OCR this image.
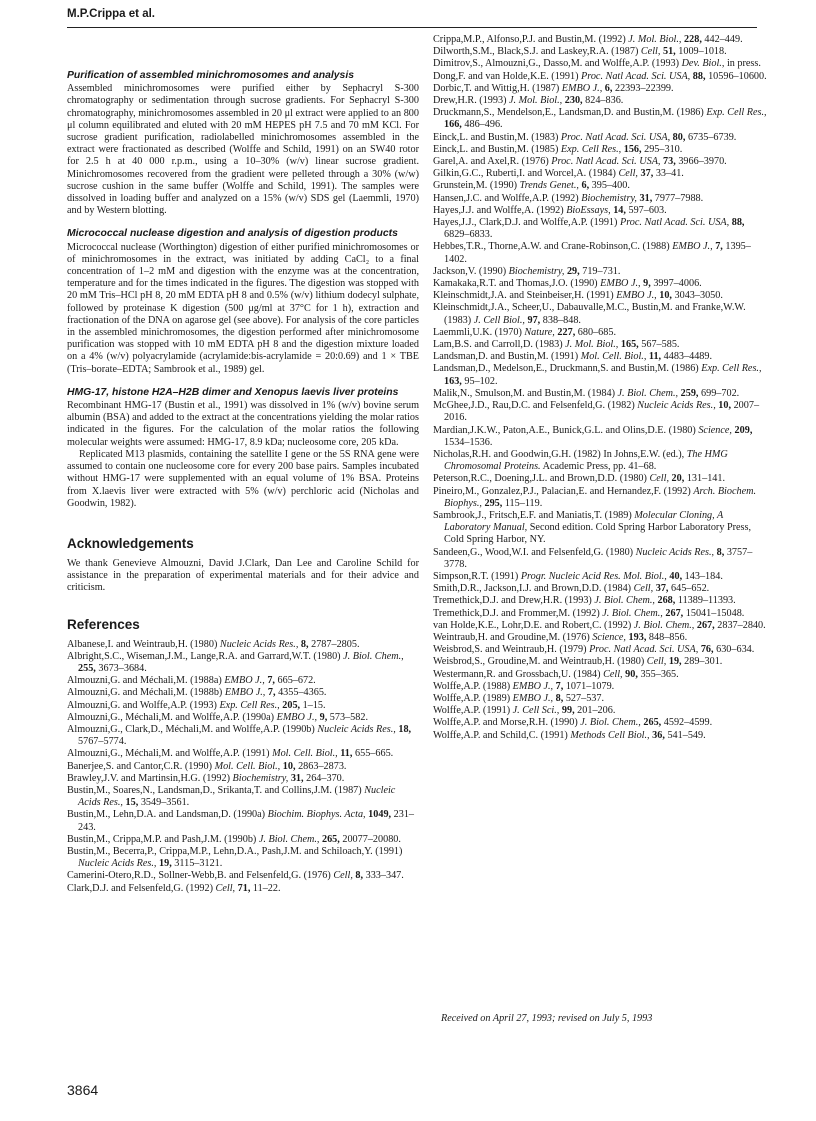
M.P.Crippa et al.
Purification of assembled minichromosomes and analysis

Assembled minichromosomes were purified either by Sephacryl S-300 chromatography or sedimentation through sucrose gradients. For Sephacryl S-300 chromatography, minichromosomes assembled in 20 μl extract were applied to an 800 μl column equilibrated and eluted with 20 mM HEPES pH 7.5 and 70 mM KCl. For sucrose gradient purification, radiolabelled minichromosomes assembled in the extract were fractionated as described (Wolffe and Schild, 1991) on an SW40 rotor for 2.5 h at 40 000 r.p.m., using a 10–30% (w/v) linear sucrose gradient. Minichromosomes recovered from the gradient were pelleted through a 30% (w/w) sucrose cushion in the same buffer (Wolffe and Schild, 1991). The samples were dissolved in loading buffer and analyzed on a 15% (w/v) SDS gel (Laemmli, 1970) and by Western blotting.

Micrococcal nuclease digestion and analysis of digestion products

Micrococcal nuclease (Worthington) digestion of either purified minichromosomes or of minichromosomes in the extract, was initiated by adding CaCl₂ to a final concentration of 1–2 mM and digestion with the enzyme was at the concentration, temperature and for the times indicated in the figures. The digestion was stopped with 20 mM Tris–HCl pH 8, 20 mM EDTA pH 8 and 0.5% (w/v) lithium dodecyl sulphate, followed by proteinase K digestion (500 μg/ml at 37°C for 1 h), extraction and fractionation of the DNA on agarose gel (see above). For analysis of the core particles in the assembled minichromosomes, the digestion performed after minichromosome purification was stopped with 10 mM EDTA pH 8 and the digestion mixture loaded on a 4% (w/v) polyacrylamide (acrylamide:bis-acrylamide = 20:0.69) and 1 × TBE (Tris–borate–EDTA; Sambrook et al., 1989) gel.

HMG-17, histone H2A–H2B dimer and Xenopus laevis liver proteins

Recombinant HMG-17 (Bustin et al., 1991) was dissolved in 1% (w/v) bovine serum albumin (BSA) and added to the extract at the concentrations yielding the molar ratios indicated in the figures. For the calculation of the molar ratios the following molecular weights were assumed: HMG-17, 8.9 kDa; nucleosome core, 205 kDa.

Replicated M13 plasmids, containing the satellite I gene or the 5S RNA gene were assumed to contain one nucleosome core for every 200 base pairs. Samples incubated without HMG-17 were supplemented with an equal volume of 1% BSA. Proteins from X.laevis liver were extracted with 5% (w/v) perchloric acid (Nicholas and Goodwin, 1982).

Acknowledgements

We thank Genevieve Almouzni, David J.Clark, Dan Lee and Caroline Schild for assistance in the preparation of experimental materials and for their advice and criticism.

References
Albanese,I. and Weintraub,H. (1980) Nucleic Acids Res., 8, 2787–2805.
Albright,S.C., Wiseman,J.M., Lange,R.A. and Garrard,W.T. (1980) J. Biol. Chem., 255, 3673–3684.
Almouzni,G. and Méchali,M. (1988a) EMBO J., 7, 665–672.
Almouzni,G. and Méchali,M. (1988b) EMBO J., 7, 4355–4365.
Almouzni,G. and Wolffe,A.P. (1993) Exp. Cell Res., 205, 1–15.
Almouzni,G., Méchali,M. and Wolffe,A.P. (1990a) EMBO J., 9, 573–582.
Almouzni,G., Clark,D., Méchali,M. and Wolffe,A.P. (1990b) Nucleic Acids Res., 18, 5767–5774.
Almouzni,G., Méchali,M. and Wolffe,A.P. (1991) Mol. Cell. Biol., 11, 655–665.
Banerjee,S. and Cantor,C.R. (1990) Mol. Cell. Biol., 10, 2863–2873.
Brawley,J.V. and Martinsin,H.G. (1992) Biochemistry, 31, 264–370.
Bustin,M., Soares,N., Landsman,D., Srikanta,T. and Collins,J.M. (1987) Nucleic Acids Res., 15, 3549–3561.
Bustin,M., Lehn,D.A. and Landsman,D. (1990a) Biochim. Biophys. Acta, 1049, 231–243.
Bustin,M., Crippa,M.P. and Pash,J.M. (1990b) J. Biol. Chem., 265, 20077–20080.
Bustin,M., Becerra,P., Crippa,M.P., Lehn,D.A., Pash,J.M. and Schiloach,Y. (1991) Nucleic Acids Res., 19, 3115–3121.
Camerini-Otero,R.D., Sollner-Webb,B. and Felsenfeld,G. (1976) Cell, 8, 333–347.
Clark,D.J. and Felsenfeld,G. (1992) Cell, 71, 11–22.
Crippa,M.P., Alfonso,P.J. and Bustin,M. (1992) J. Mol. Biol., 228, 442–449.
Dilworth,S.M., Black,S.J. and Laskey,R.A. (1987) Cell, 51, 1009–1018.
Dimitrov,S., Almouzni,G., Dasso,M. and Wolffe,A.P. (1993) Dev. Biol., in press.
Dong,F. and van Holde,K.E. (1991) Proc. Natl Acad. Sci. USA, 88, 10596–10600.
Dorbic,T. and Wittig,H. (1987) EMBO J., 6, 22393–22399.
Drew,H.R. (1993) J. Mol. Biol., 230, 824–836.
Druckmann,S., Mendelson,E., Landsman,D. and Bustin,M. (1986) Exp. Cell Res., 166, 486–496.
Einck,L. and Bustin,M. (1983) Proc. Natl Acad. Sci. USA, 80, 6735–6739.
Einck,L. and Bustin,M. (1985) Exp. Cell Res., 156, 295–310.
Garel,A. and Axel,R. (1976) Proc. Natl Acad. Sci. USA, 73, 3966–3970.
Gilkin,G.C., Ruberti,I. and Worcel,A. (1984) Cell, 37, 33–41.
Grunstein,M. (1990) Trends Genet., 6, 395–400.
Hansen,J.C. and Wolffe,A.P. (1992) Biochemistry, 31, 7977–7988.
Hayes,J.J. and Wolffe,A. (1992) BioEssays, 14, 597–603.
Hayes,J.J., Clark,D.J. and Wolffe,A.P. (1991) Proc. Natl Acad. Sci. USA, 88, 6829–6833.
Hebbes,T.R., Thorne,A.W. and Crane-Robinson,C. (1988) EMBO J., 7, 1395–1402.
Jackson,V. (1990) Biochemistry, 29, 719–731.
Kamakaka,R.T. and Thomas,J.O. (1990) EMBO J., 9, 3997–4006.
Kleinschmidt,J.A. and Steinbeiser,H. (1991) EMBO J., 10, 3043–3050.
Kleinschmidt,J.A., Scheer,U., Dabauvalle,M.C., Bustin,M. and Franke,W.W. (1983) J. Cell Biol., 97, 838–848.
Laemmli,U.K. (1970) Nature, 227, 680–685.
Lam,B.S. and Carroll,D. (1983) J. Mol. Biol., 165, 567–585.
Landsman,D. and Bustin,M. (1991) Mol. Cell. Biol., 11, 4483–4489.
Landsman,D., Medelson,E., Druckmann,S. and Bustin,M. (1986) Exp. Cell Res., 163, 95–102.
Malik,N., Smulson,M. and Bustin,M. (1984) J. Biol. Chem., 259, 699–702.
McGhee,J.D., Rau,D.C. and Felsenfeld,G. (1982) Nucleic Acids Res., 10, 2007–2016.
Mardian,J.K.W., Paton,A.E., Bunick,G.L. and Olins,D.E. (1980) Science, 209, 1534–1536.
Nicholas,R.H. and Goodwin,G.H. (1982) In Johns,E.W. (ed.), The HMG Chromosomal Proteins. Academic Press, pp. 41–68.
Peterson,R.C., Doening,J.L. and Brown,D.D. (1980) Cell, 20, 131–141.
Pineiro,M., Gonzalez,P.J., Palacian,E. and Hernandez,F. (1992) Arch. Biochem. Biophys., 295, 115–119.
Sambrook,J., Fritsch,E.F. and Maniatis,T. (1989) Molecular Cloning, A Laboratory Manual, Second edition. Cold Spring Harbor Laboratory Press, Cold Spring Harbor, NY.
Sandeen,G., Wood,W.I. and Felsenfeld,G. (1980) Nucleic Acids Res., 8, 3757–3778.
Simpson,R.T. (1991) Progr. Nucleic Acid Res. Mol. Biol., 40, 143–184.
Smith,D.R., Jackson,I.J. and Brown,D.D. (1984) Cell, 37, 645–652.
Tremethick,D.J. and Drew,H.R. (1993) J. Biol. Chem., 268, 11389–11393.
Tremethick,D.J. and Frommer,M. (1992) J. Biol. Chem., 267, 15041–15048.
van Holde,K.E., Lohr,D.E. and Robert,C. (1992) J. Biol. Chem., 267, 2837–2840.
Weintraub,H. and Groudine,M. (1976) Science, 193, 848–856.
Weisbrod,S. and Weintraub,H. (1979) Proc. Natl Acad. Sci. USA, 76, 630–634.
Weisbrod,S., Groudine,M. and Weintraub,H. (1980) Cell, 19, 289–301.
Westermann,R. and Grossbach,U. (1984) Cell, 90, 355–365.
Wolffe,A.P. (1988) EMBO J., 7, 1071–1079.
Wolffe,A.P. (1989) EMBO J., 8, 527–537.
Wolffe,A.P. (1991) J. Cell Sci., 99, 201–206.
Wolffe,A.P. and Morse,R.H. (1990) J. Biol. Chem., 265, 4592–4599.
Wolffe,A.P. and Schild,C. (1991) Methods Cell Biol., 36, 541–549.
Received on April 27, 1993; revised on July 5, 1993
3864
